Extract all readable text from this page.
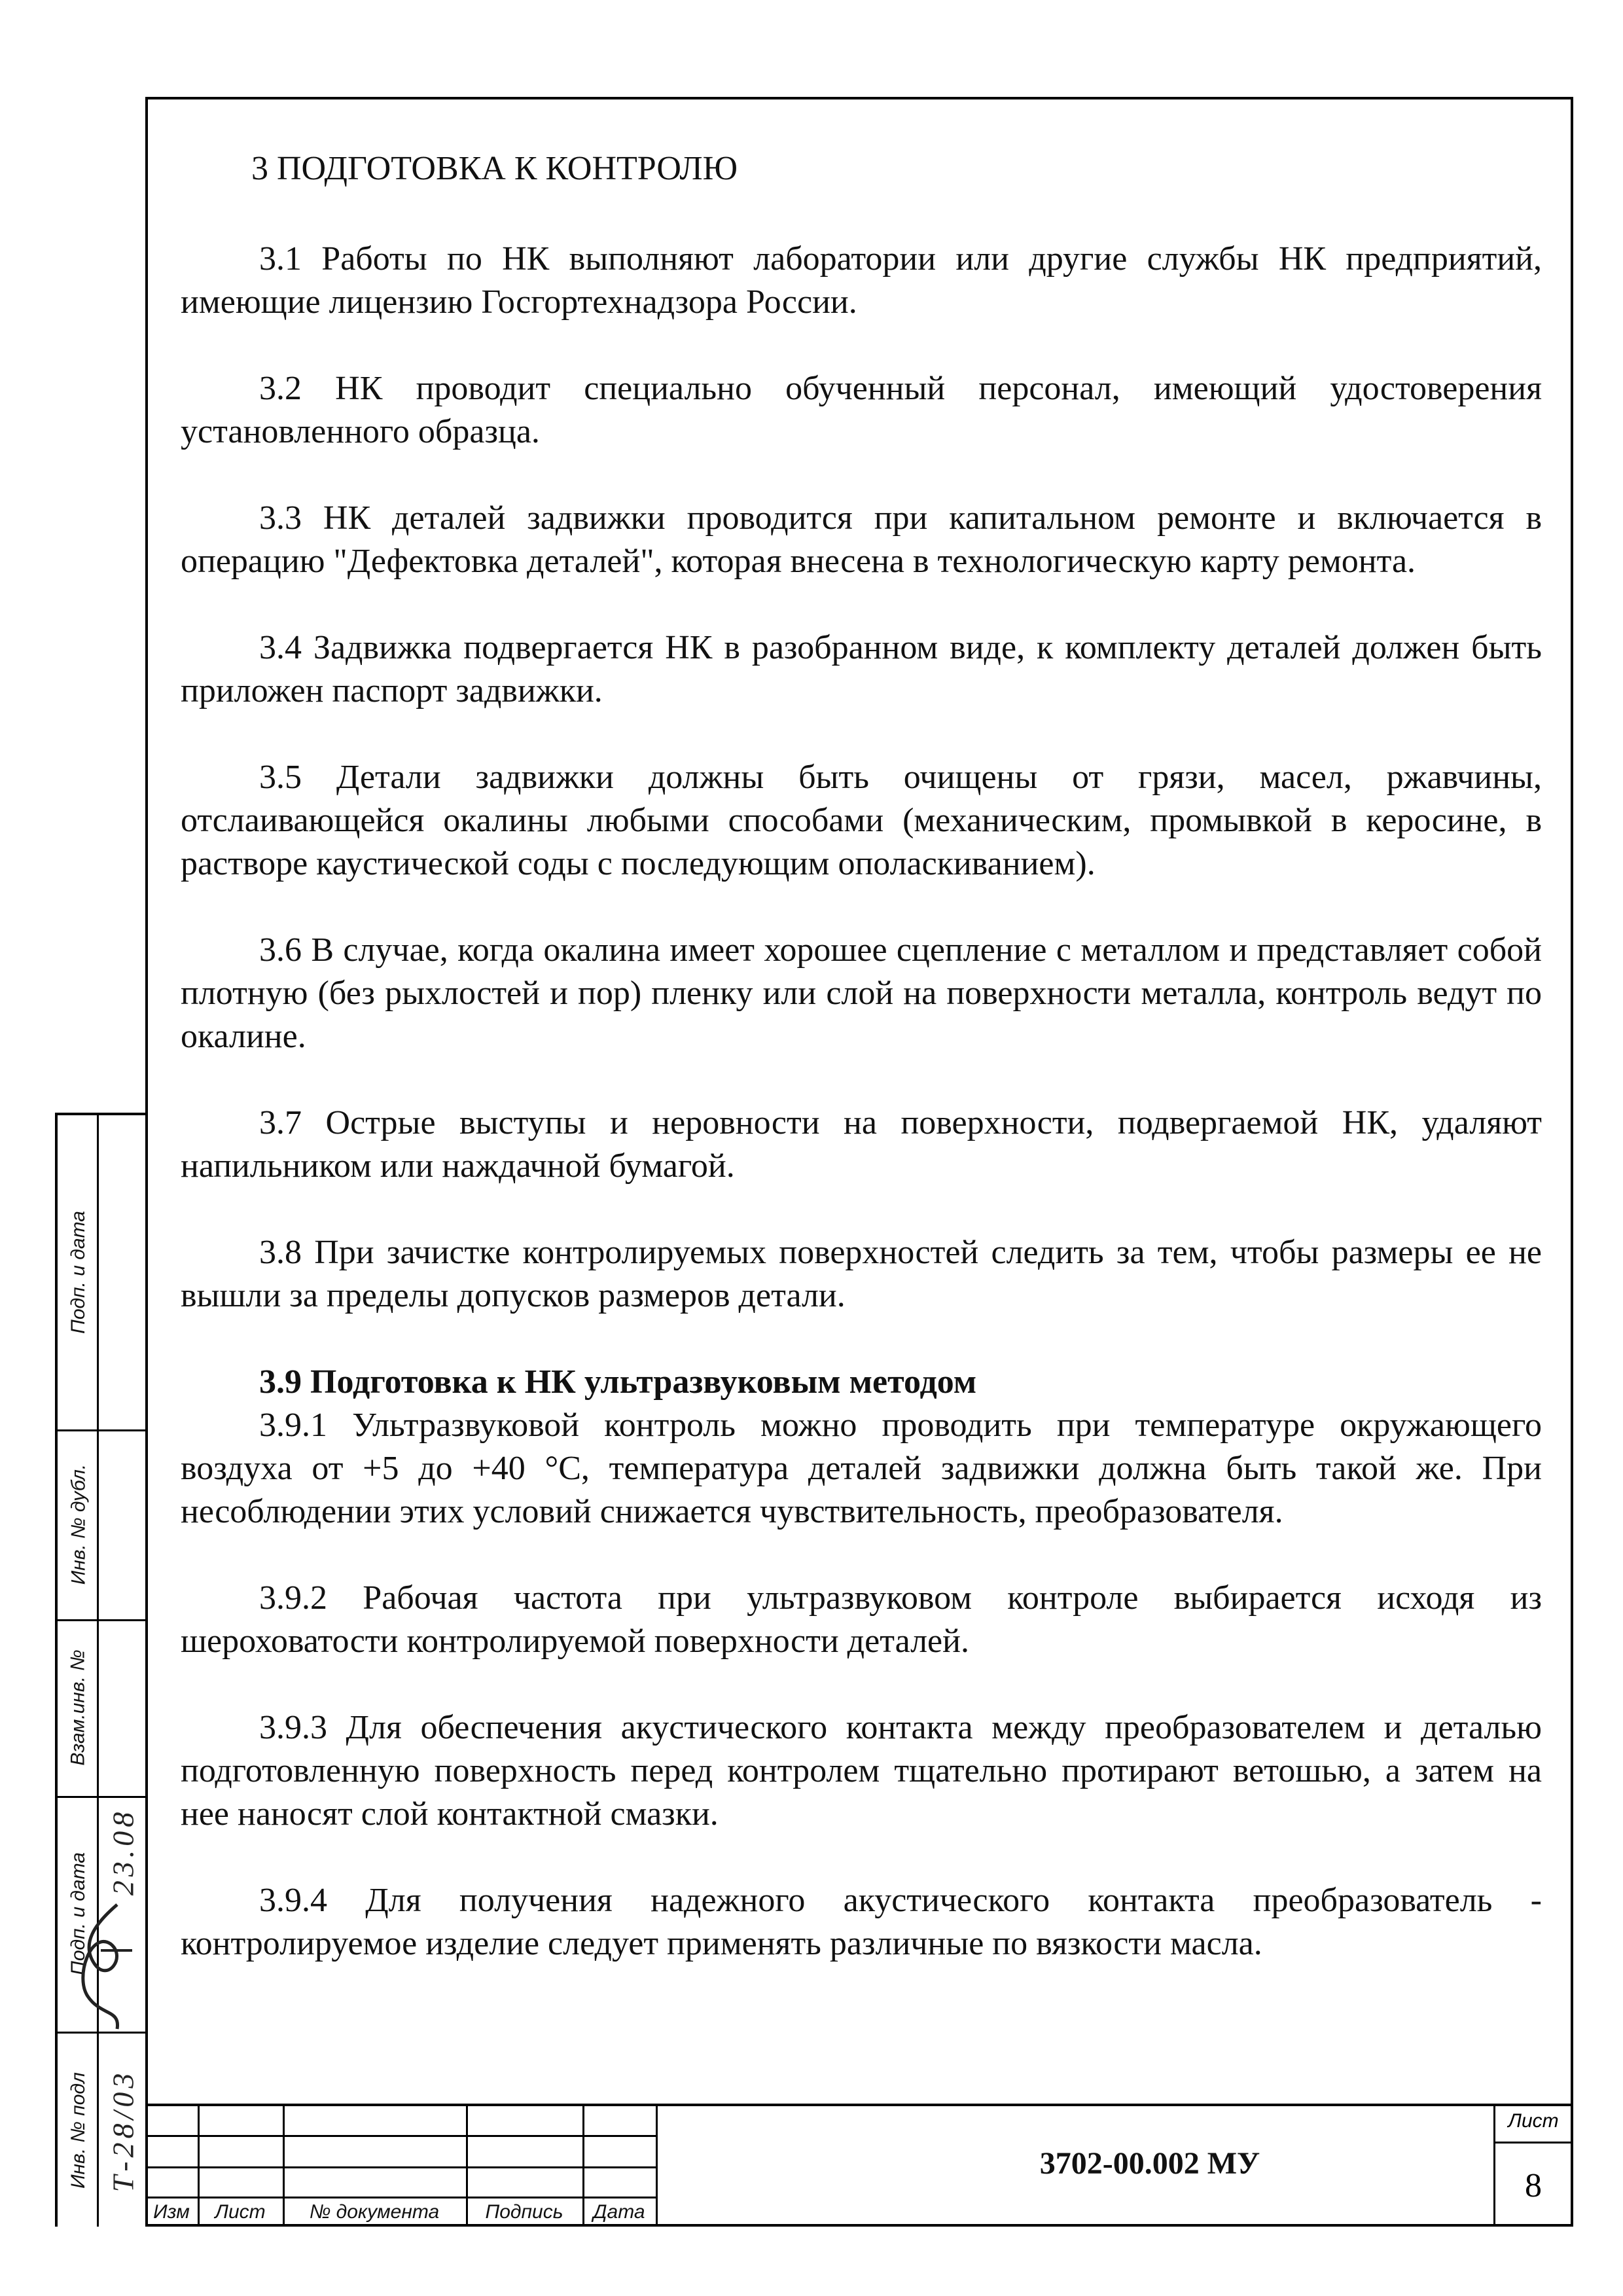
3 ПОДГОТОВКА К КОНТРОЛЮ

3.1 Работы по НК выполняют лаборатории или другие службы НК предприятий, имеющие лицензию Госгортехнадзора России.

3.2 НК проводит специально обученный персонал, имеющий удостоверения установленного образца.

3.3 НК деталей задвижки проводится при капитальном ремонте и включается в операцию "Дефектовка деталей", которая внесена в технологическую карту ремонта.

3.4 Задвижка подвергается НК в разобранном виде, к комплекту деталей должен быть приложен паспорт задвижки.

3.5 Детали задвижки должны быть очищены от грязи, масел, ржавчины, отслаивающейся окалины любыми способами (механическим, промывкой в керосине, в растворе каустической соды с последующим ополаскиванием).

3.6 В случае, когда окалина имеет хорошее сцепление с металлом и представляет собой плотную (без рыхлостей и пор) пленку или слой на поверхности металла, контроль ведут по окалине.

3.7 Острые выступы и неровности на поверхности, подвергаемой НК, удаляют напильником или наждачной бумагой.

3.8 При зачистке контролируемых поверхностей следить за тем, чтобы размеры ее не вышли за пределы допусков размеров детали.

3.9 Подготовка к НК ультразвуковым методом

3.9.1 Ультразвуковой контроль можно проводить при температуре окружающего воздуха от +5 до +40 °С, температура деталей задвижки должна быть такой же. При несоблюдении этих условий снижается чувствительность, преобразователя.

3.9.2 Рабочая частота при ультразвуковом контроле выбирается исходя из шероховатости контролируемой поверхности деталей.

3.9.3 Для обеспечения акустического контакта между преобразователем и деталью подготовленную поверхность перед контролем тщательно протирают ветошью, а затем на нее наносят слой контактной смазки.

3.9.4 Для получения надежного акустического контакта преобразователь - контролируемое изделие следует применять различные по вязкости масла.

Подп. и дата
Инв. № дубл.
Взам.инв. №
Подп. и дата
Инв. № подл
23.08
Т-28/03
Изм	Лист	№ документа	Подпись	Дата
3702-00.002 МУ
Лист
8
